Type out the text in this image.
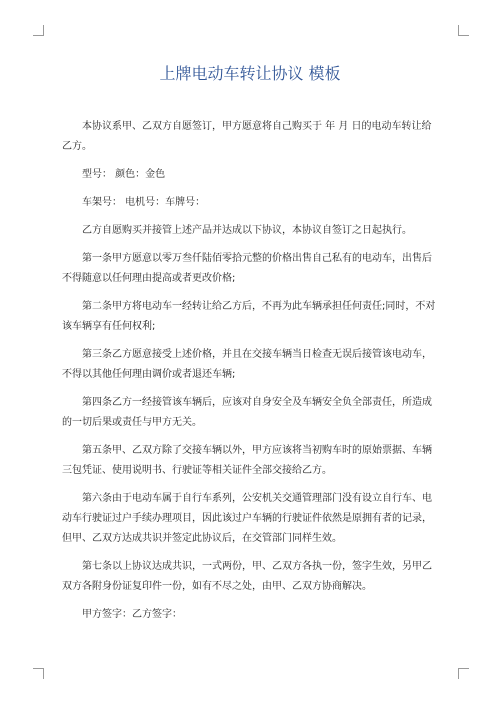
上牌电动车转让协议 模板
本协议系甲、乙双方自愿签订，甲方愿意将自己购买于 年 月 日的电动车转让给
乙方。
型号： 颜色：金色
车架号： 电机号：车牌号：
乙方自愿购买并接管上述产品并达成以下协议，本协议自签订之日起执行。
第一条甲方愿意以零万叁仟陆佰零拾元整的价格出售自己私有的电动车，出售后
不得随意以任何理由提高或者更改价格;
第二条甲方将电动车一经转让给乙方后，不再为此车辆承担任何责任;同时，不对
该车辆享有任何权利;
第三条乙方愿意接受上述价格，并且在交接车辆当日检查无误后接管该电动车，
不得以其他任何理由调价或者退还车辆;
第四条乙方一经接管该车辆后，应该对自身安全及车辆安全负全部责任，所造成
的一切后果或责任与甲方无关。
第五条甲、乙双方除了交接车辆以外，甲方应该将当初购车时的原始票据、车辆
三包凭证、使用说明书、行驶证等相关证件全部交接给乙方。
第六条由于电动车属于自行车系列，公安机关交通管理部门没有设立自行车、电
动车行驶证过户手续办理项目，因此该过户车辆的行驶证件依然是原拥有者的记录，
但甲、乙双方达成共识并签定此协议后，在交管部门同样生效。
第七条以上协议达成共识，一式两份，甲、乙双方各执一份，签字生效，另甲乙
双方各附身份证复印件一份，如有不尽之处，由甲、乙双方协商解决。
甲方签字：乙方签字：
